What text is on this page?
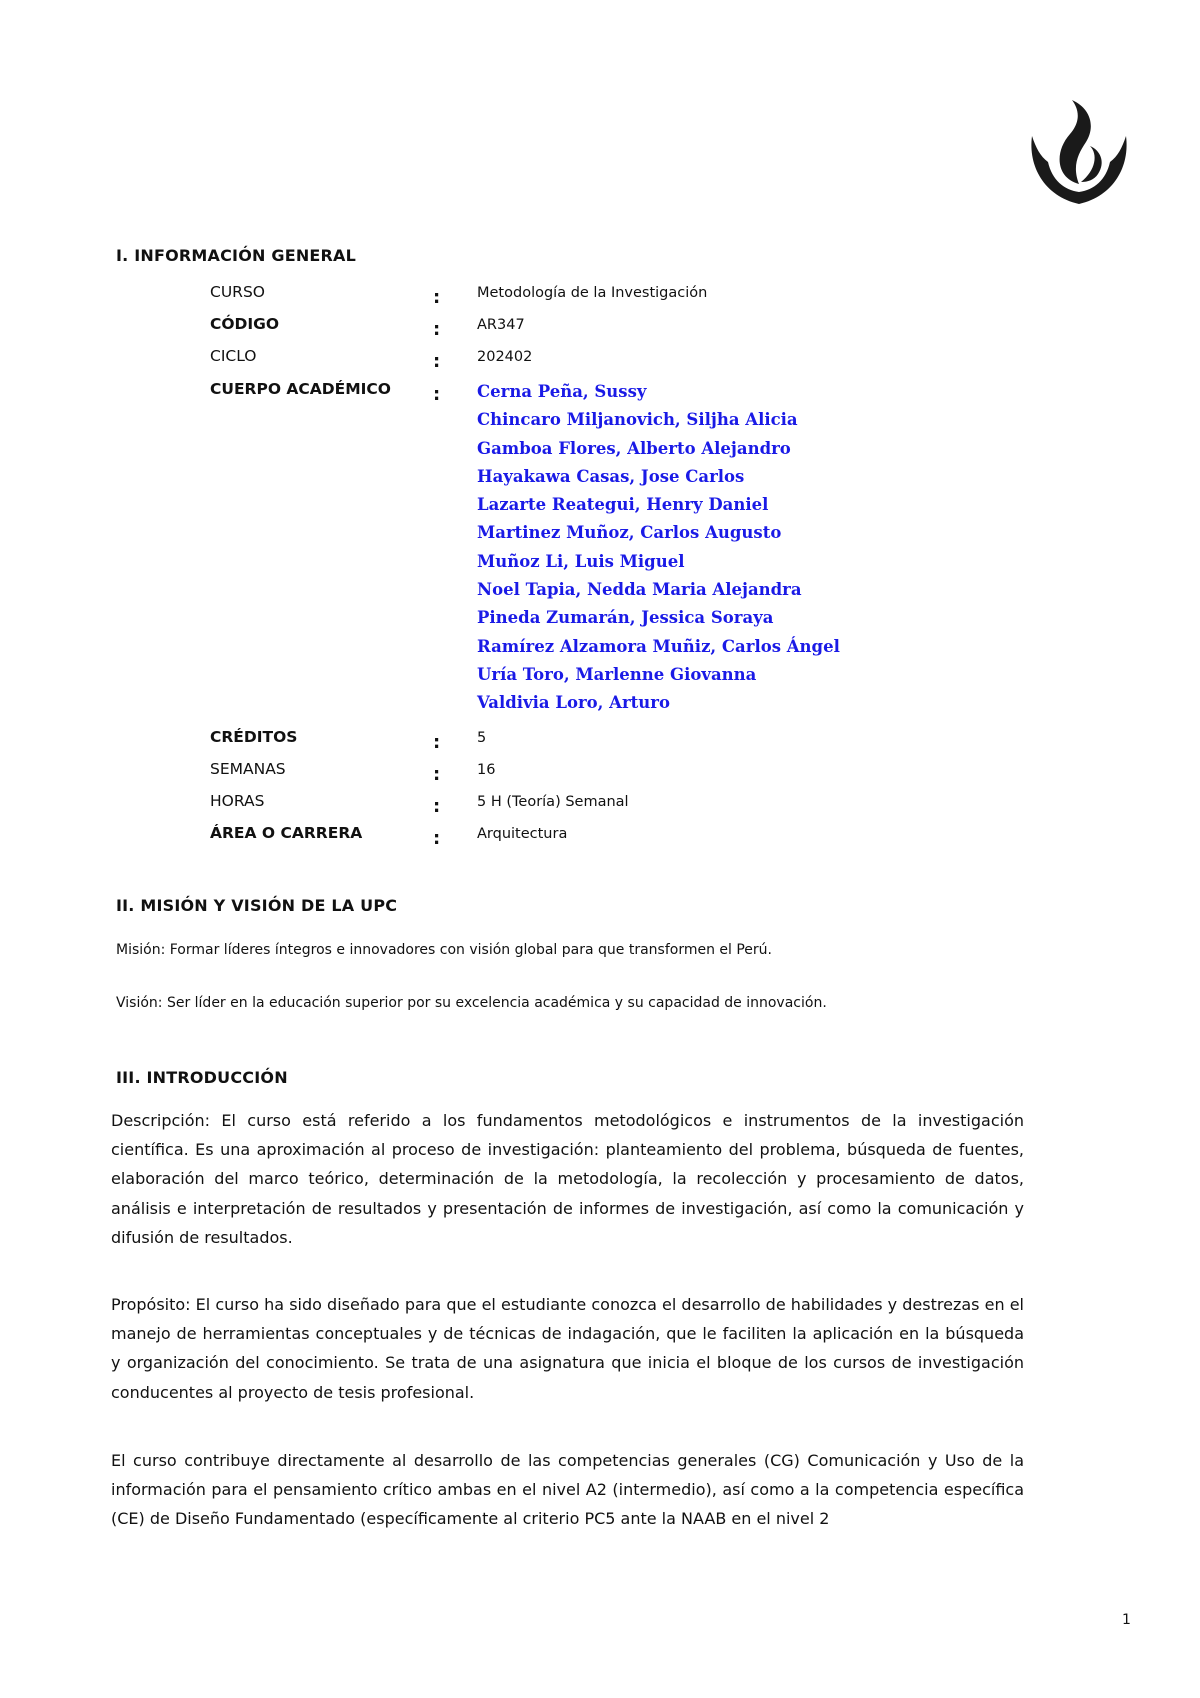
I. INFORMACIÓN GENERAL
CURSO	:	Metodología de la Investigación
CÓDIGO	:	AR347
CICLO	:	202402
CUERPO ACADÉMICO : Cerna Peña, Sussy
Chincaro Miljanovich, Siljha Alicia
Gamboa Flores, Alberto Alejandro
Hayakawa Casas, Jose Carlos
Lazarte Reategui, Henry Daniel
Martinez Muñoz, Carlos Augusto
Muñoz Li, Luis Miguel
Noel Tapia, Nedda Maria Alejandra
Pineda Zumarán, Jessica Soraya
Ramírez Alzamora Muñiz, Carlos Ángel
Uría Toro, Marlenne Giovanna
Valdivia Loro, Arturo
CRÉDITOS	:	5
SEMANAS	:	16
HORAS	:	5 H (Teoría) Semanal
ÁREA O CARRERA	:	Arquitectura
II. MISIÓN Y VISIÓN DE LA UPC
Misión: Formar líderes íntegros e innovadores con visión global para que transformen el Perú.
Visión: Ser líder en la educación superior por su excelencia académica y su capacidad de innovación.
III. INTRODUCCIÓN

Descripción: El curso está referido a los fundamentos metodológicos e instrumentos de la investigación científica. Es una aproximación al proceso de investigación: planteamiento del problema, búsqueda de fuentes, elaboración del marco teórico, determinación de la metodología, la recolección y procesamiento de datos, análisis e interpretación de resultados y presentación de informes de investigación, así como la comunicación y difusión de resultados.

Propósito: El curso ha sido diseñado para que el estudiante conozca el desarrollo de habilidades y destrezas en el manejo de herramientas conceptuales y de técnicas de indagación, que le faciliten la aplicación en la búsqueda y organización del conocimiento. Se trata de una asignatura que inicia el bloque de los cursos de investigación conducentes al proyecto de tesis profesional.

El curso contribuye directamente al desarrollo de las competencias generales (CG) Comunicación y Uso de la información para el pensamiento crítico ambas en el nivel A2 (intermedio), así como a la competencia específica (CE) de Diseño Fundamentado (específicamente al criterio PC5 ante la NAAB en el nivel 2

1
